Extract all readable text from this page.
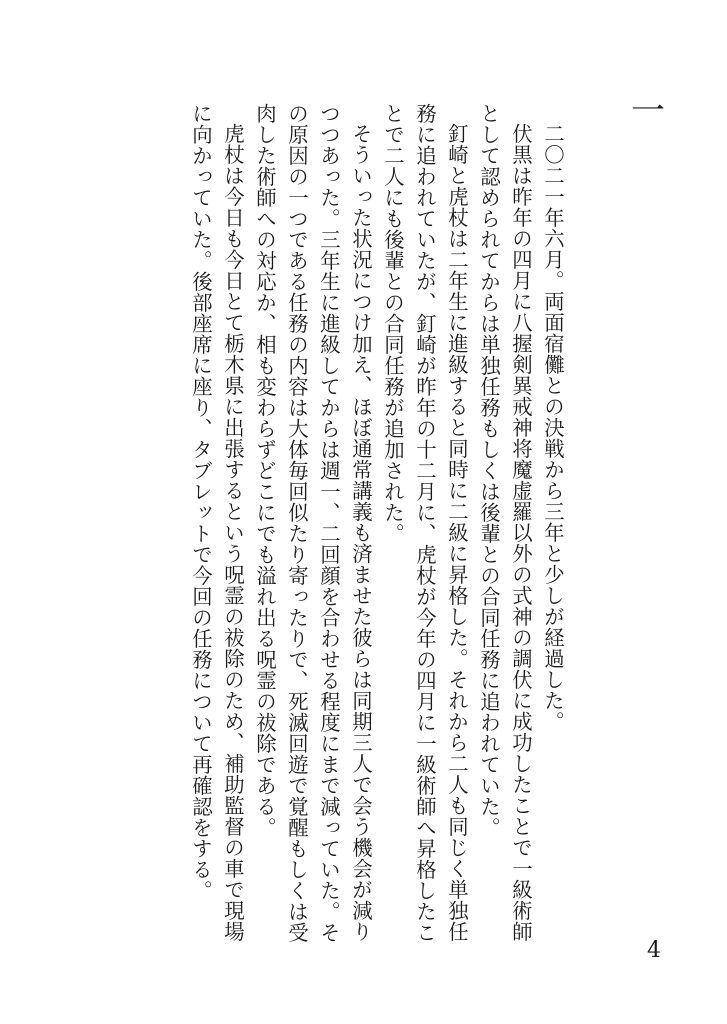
一

二〇二一年六月。両面宿儺との決戦から三年と少しが経過した。

伏黒は昨年の四月に八握剣異戒神将魔虚羅以外の式神の調伏に成功したことで一級術師として認められてからは単独任務もしくは後輩との合同任務に追われていた。

釘崎と虎杖は二年生に進級すると同時に二級に昇格した。それから二人も同じく単独任務に追われていたが、釘崎が昨年の十二月に、虎杖が今年の四月に一級術師へ昇格したことで二人にも後輩との合同任務が追加された。

そういった状況につけ加え、ほぼ通常講義も済ませた彼らは同期三人で会う機会が減りつつあった。三年生に進級してからは週一、二回顔を合わせる程度にまで減っていた。その原因の一つである任務の内容は大体毎回似たり寄ったりで、死滅回遊で覚醒もしくは受肉した術師への対応か、相も変わらずどこにでも溢れ出る呪霊の祓除である。

虎杖は今日も今日とて栃木県に出張するという呪霊の祓除のため、補助監督の車で現場に向かっていた。後部座席に座り、タブレットで今回の任務について再確認をする。

4
